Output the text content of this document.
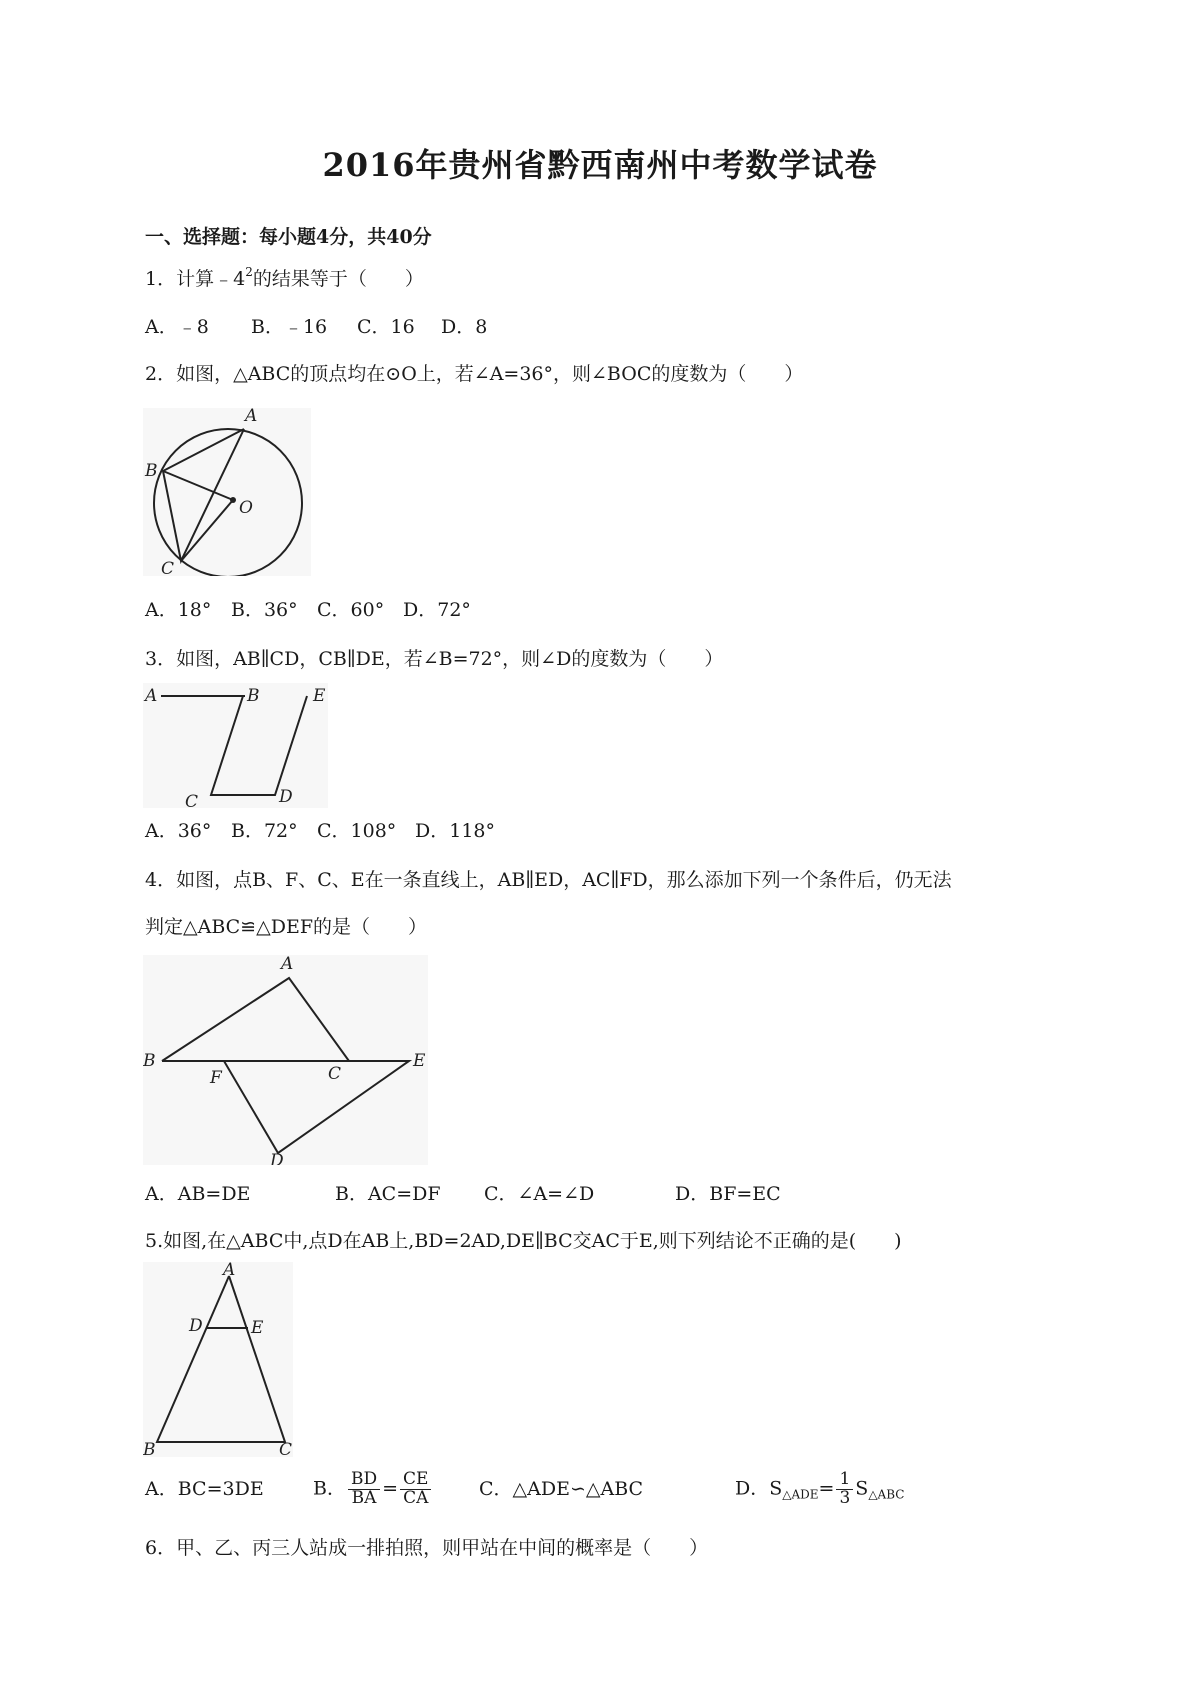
2016年贵州省黔西南州中考数学试卷
一、选择题：每小题4分，共40分
1．计算$﹣4^2$的结果等于（　　）
A．﹣8 B．﹣16 C．16 D．8
2．如图，△ABC的顶点均在⊙O上，若∠A=36°，则∠BOC的度数为（　　）
A
B
C
O
A．18° B．36° C．60° D．72°
3．如图，AB∥CD，CB∥DE，若∠B=72°，则∠D的度数为（　　）
A	B
C	D
E
A．36° B．72° C．108° D．118°
4．如图，点B、F、C、E在一条直线上，AB∥ED，AC∥FD，那么添加下列一个条件后，仍无法
判定△ABC≌△DEF的是（　　）
A
B
C
D
E
F
A．AB=DE	B．AC=DF C．∠A=∠D	D．BF=EC
5.如图,在△ABC中,点D在AB上,BD=2AD,DE∥BC交AC于E,则下列结论不正确的是(　　)
A
B	C
D	E
A．BC=3DE	B． $\frac{BD}{BA} = \frac{CE}{CA}$	C．△ADE∽△ABC	D．$S_{\triangle ADE}= \frac{1}{3} S_{\triangle ABC}$
6．甲、乙、丙三人站成一排拍照，则甲站在中间的概率是（　　）
